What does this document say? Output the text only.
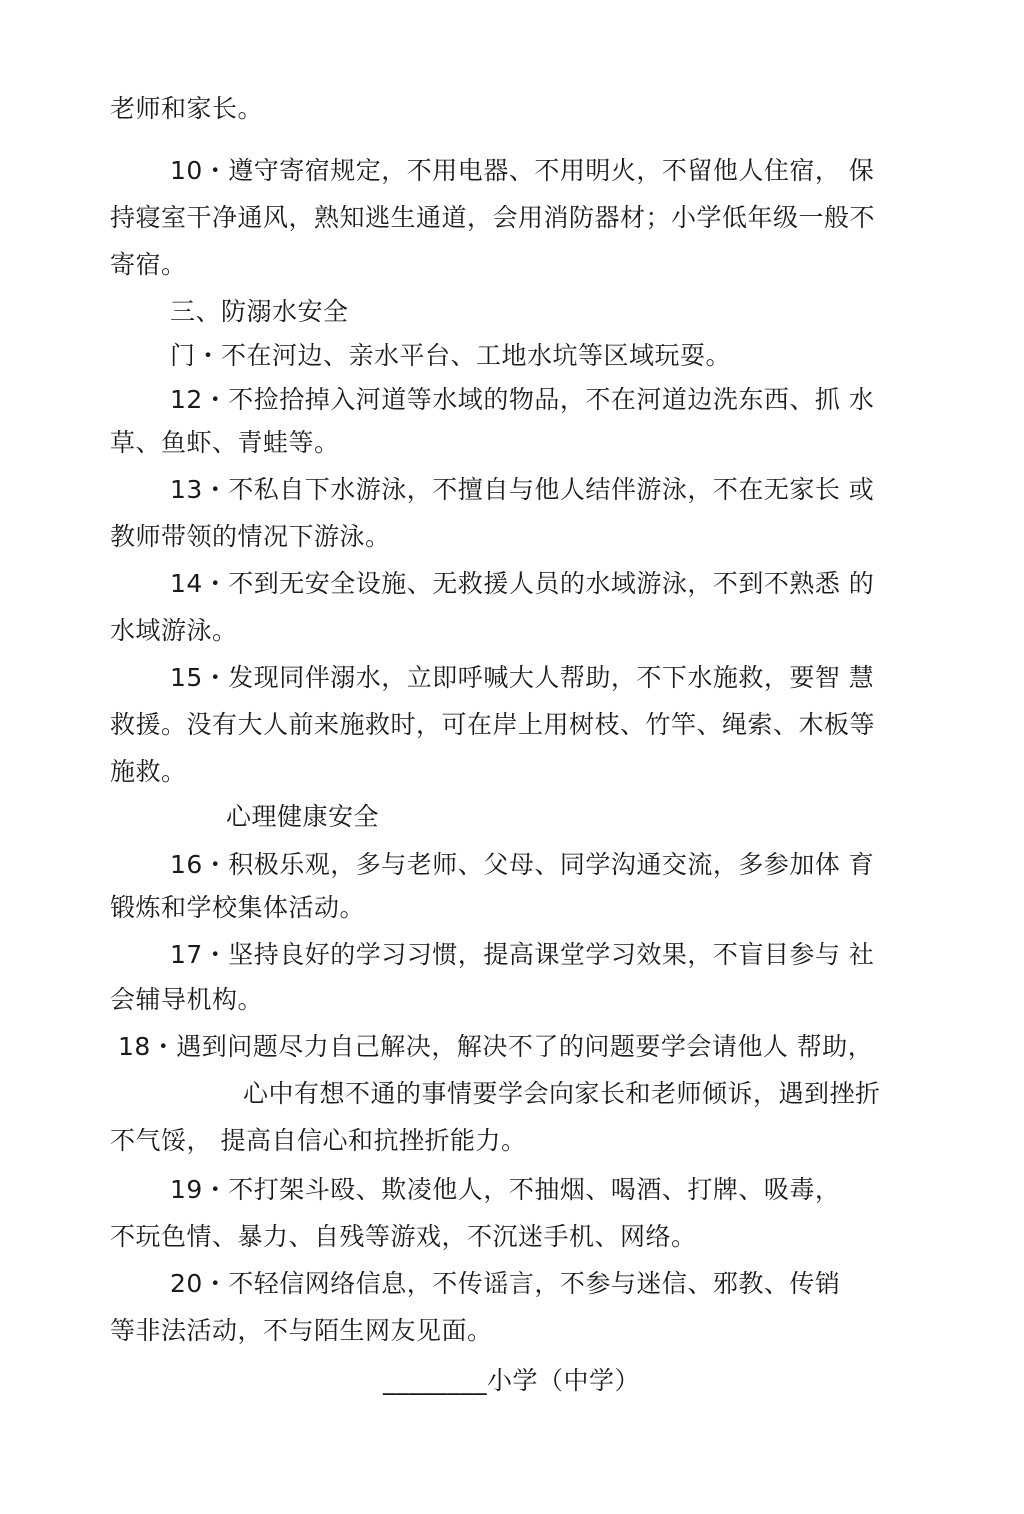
老师和家长。
10・遵守寄宿规定，不用电器、不用明火，不留他人住宿， 保
持寝室干净通风，熟知逃生通道，会用消防器材；小学低年级一般不
寄宿。
三、防溺水安全
门・不在河边、亲水平台、工地水坑等区域玩耍。
12・不捡拾掉入河道等水域的物品，不在河道边洗东西、抓 水
草、鱼虾、青蛙等。
13・不私自下水游泳，不擅自与他人结伴游泳，不在无家长 或
教师带领的情况下游泳。
14・不到无安全设施、无救援人员的水域游泳，不到不熟悉 的
水域游泳。
15・发现同伴溺水，立即呼喊大人帮助，不下水施救，要智 慧
救援。没有大人前来施救时，可在岸上用树枝、竹竿、绳索、木板等
施救。
心理健康安全
16・积极乐观，多与老师、父母、同学沟通交流，多参加体 育
锻炼和学校集体活动。
17・坚持良好的学习习惯，提高课堂学习效果，不盲目参与 社
会辅导机构。
18・遇到问题尽力自己解决，解决不了的问题要学会请他人 帮助，
心中有想不通的事情要学会向家长和老师倾诉，遇到挫折
不气馁， 提高自信心和抗挫折能力。
19・不打架斗殴、欺凌他人，不抽烟、喝酒、打牌、吸毒，
不玩色情、暴力、自残等游戏，不沉迷手机、网络。
20・不轻信网络信息，不传谣言，不参与迷信、邪教、传销
等非法活动，不与陌生网友见面。
________小学（中学）
